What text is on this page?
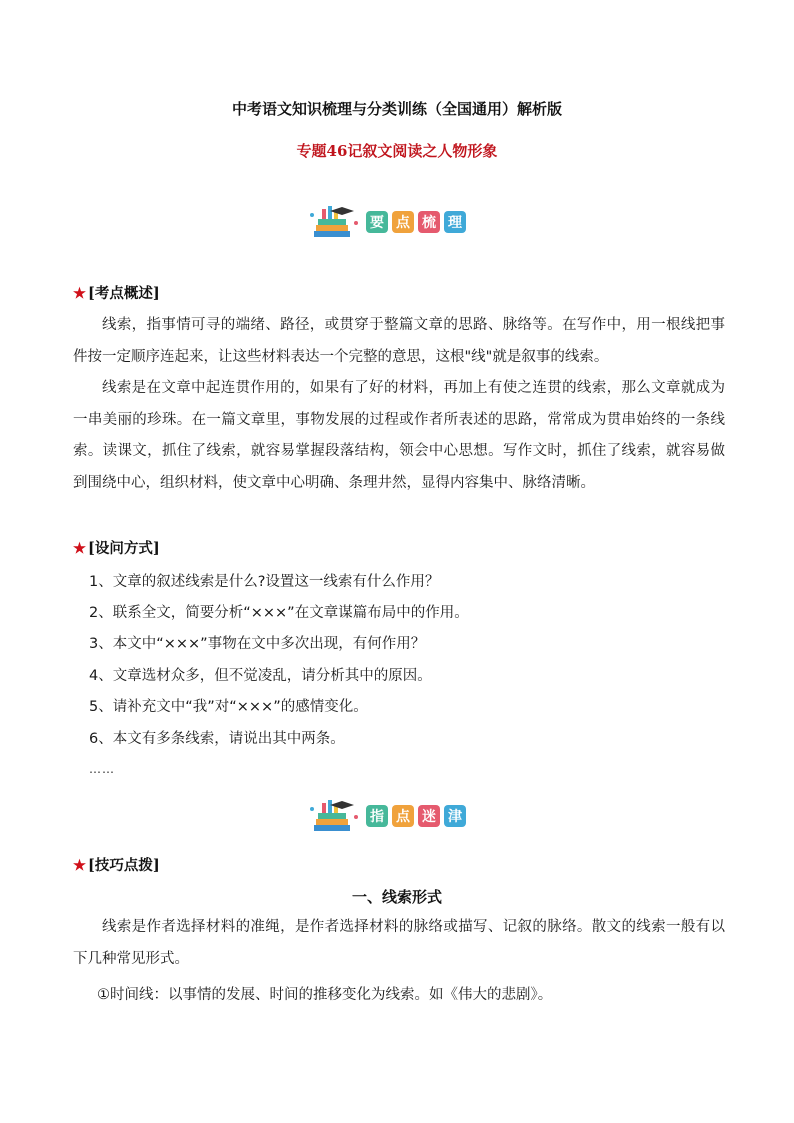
中考语文知识梳理与分类训练（全国通用）解析版
专题46记叙文阅读之人物形象
要 点 梳 理
★ [考点概述]
线索，指事情可寻的端绪、路径，或贯穿于整篇文章的思路、脉络等。在写作中，用一根线把事件按一定顺序连起来，让这些材料表达一个完整的意思，这根"线"就是叙事的线索。
线索是在文章中起连贯作用的，如果有了好的材料，再加上有使之连贯的线索，那么文章就成为一串美丽的珍珠。在一篇文章里，事物发展的过程或作者所表述的思路，常常成为贯串始终的一条线索。读课文，抓住了线索，就容易掌握段落结构，领会中心思想。写作文时，抓住了线索，就容易做到围绕中心，组织材料，使文章中心明确、条理井然，显得内容集中、脉络清晰。
★ [设问方式]
1、文章的叙述线索是什么?设置这一线索有什么作用？
2、联系全文，简要分析“×××”在文章谋篇布局中的作用。
3、本文中“×××”事物在文中多次出现，有何作用？
4、文章选材众多，但不觉凌乱，请分析其中的原因。
5、请补充文中“我”对“×××”的感情变化。
6、本文有多条线索，请说出其中两条。
……
指 点 迷 津
★ [技巧点拨]
一、线索形式
线索是作者选择材料的准绳，是作者选择材料的脉络或描写、记叙的脉络。散文的线索一般有以下几种常见形式。
①时间线：以事情的发展、时间的推移变化为线索。如《伟大的悲剧》。
